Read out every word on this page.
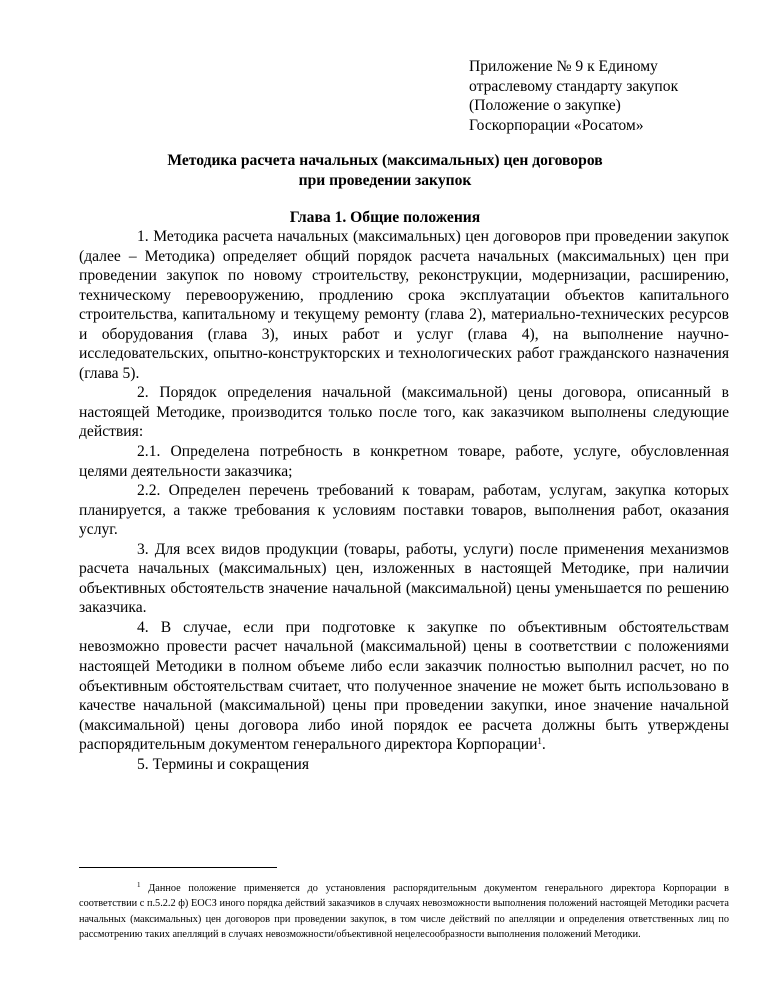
Приложение № 9 к Единому
отраслевому стандарту закупок
(Положение о закупке)
Госкорпорации «Росатом»
Методика расчета начальных (максимальных) цен договоров
при проведении закупок
Глава 1. Общие положения

1. Методика расчета начальных (максимальных) цен договоров при проведении закупок (далее – Методика) определяет общий порядок расчета начальных (максимальных) цен при проведении закупок по новому строительству, реконструкции, модернизации, расширению, техническому перевооружению, продлению срока эксплуатации объектов капитального строительства, капитальному и текущему ремонту (глава 2), материально-технических ресурсов и оборудования (глава 3), иных работ и услуг (глава 4), на выполнение научно-исследовательских, опытно-конструкторских и технологических работ гражданского назначения (глава 5).

2. Порядок определения начальной (максимальной) цены договора, описанный в настоящей Методике, производится только после того, как заказчиком выполнены следующие действия:

2.1. Определена потребность в конкретном товаре, работе, услуге, обусловленная целями деятельности заказчика;

2.2. Определен перечень требований к товарам, работам, услугам, закупка которых планируется, а также требования к условиям поставки товаров, выполнения работ, оказания услуг.

3. Для всех видов продукции (товары, работы, услуги) после применения механизмов расчета начальных (максимальных) цен, изложенных в настоящей Методике, при наличии объективных обстоятельств значение начальной (максимальной) цены уменьшается по решению заказчика.

4. В случае, если при подготовке к закупке по объективным обстоятельствам невозможно провести расчет начальной (максимальной) цены в соответствии с положениями настоящей Методики в полном объеме либо если заказчик полностью выполнил расчет, но по объективным обстоятельствам считает, что полученное значение не может быть использовано в качестве начальной (максимальной) цены при проведении закупки, иное значение начальной (максимальной) цены договора либо иной порядок ее расчета должны быть утверждены распорядительным документом генерального директора Корпорации$^1$.

5. Термины и сокращения

$^1$ Данное положение применяется до установления распорядительным документом генерального директора Корпорации в соответствии с п.5.2.2 ф) ЕОСЗ иного порядка действий заказчиков в случаях невозможности выполнения положений настоящей Методики расчета начальных (максимальных) цен договоров при проведении закупок, в том числе действий по апелляции и определения ответственных лиц по рассмотрению таких апелляций в случаях невозможности/объективной нецелесообразности выполнения положений Методики.
